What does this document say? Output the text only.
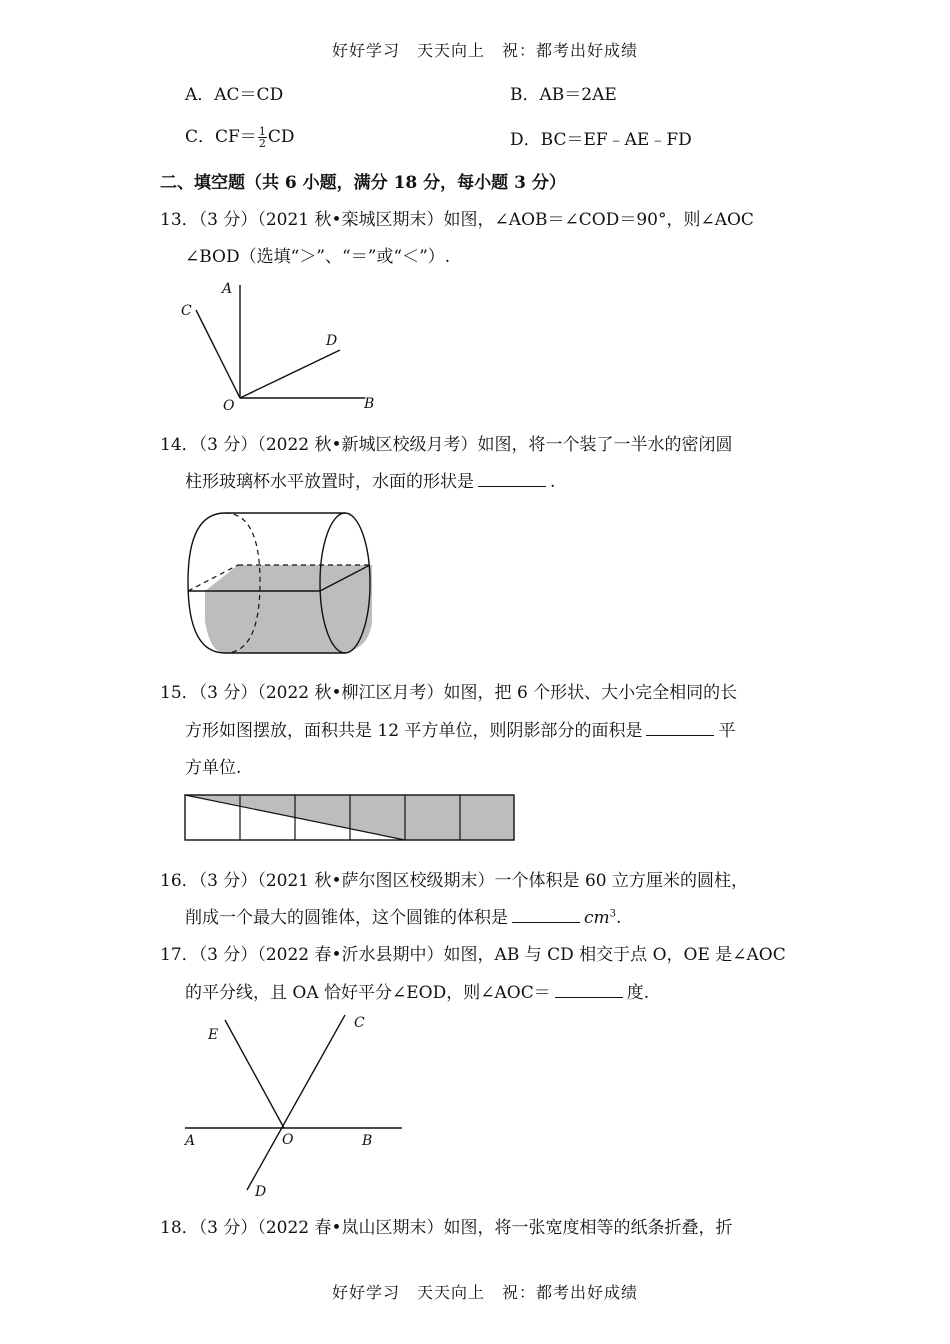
好好学习　天天向上　祝：都考出好成绩
A．AC＝CD	B．AB＝2AE
C．$CF= \frac{1}{2}$ CD	D．BC＝EF﹣AE﹣FD
二、填空题（共 6 小题，满分 18 分，每小题 3 分）
13．（3 分）（2021 秋•栾城区期末）如图，∠AOB＝∠COD＝90°，则∠AOC
∠BOD（选填“＞”、“＝”或“＜”）.
A
C
D
O	B
14．（3 分）（2022 秋•新城区校级月考）如图，将一个装了一半水的密闭圆
柱形玻璃杯水平放置时，水面的形状是	.
15．（3 分）（2022 秋•柳江区月考）如图，把 6 个形状、大小完全相同的长
方形如图摆放，面积共是 12 平方单位，则阴影部分的面积是	平
方单位.
16．（3 分）（2021 秋•萨尔图区校级期末）一个体积是 60 立方厘米的圆柱，
削成一个最大的圆锥体，这个圆锥的体积是	$cm^3$.
17．（3 分）（2022 春•沂水县期中）如图，AB 与 CD 相交于点 O，OE 是∠AOC
的平分线，且 OA 恰好平分∠EOD，则∠AOC＝	度.
E
C
A	O	B
D
18．（3 分）（2022 春•岚山区期末）如图，将一张宽度相等的纸条折叠，折
好好学习　天天向上　祝：都考出好成绩
